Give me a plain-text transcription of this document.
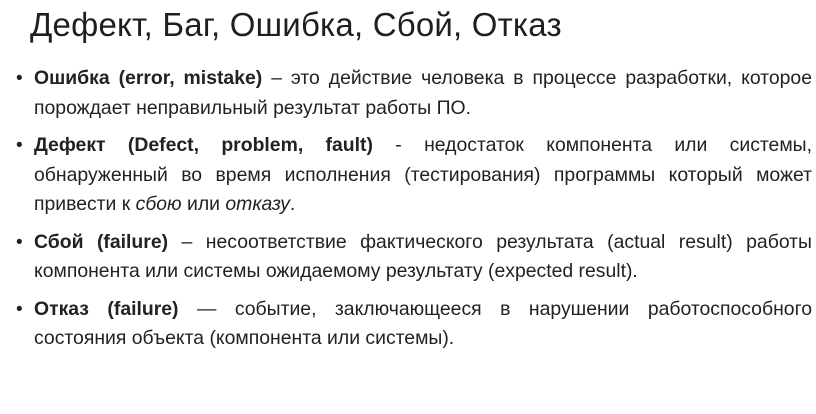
Дефект, Баг, Ошибка, Сбой, Отказ
• Ошибка (error, mistake) – это действие человека в процессе разработки, которое порождает неправильный результат работы ПО.
• Дефект (Defect, problem, fault) - недостаток компонента или системы, обнаруженный во время исполнения (тестирования) программы который может привести к сбою или отказу.
• Сбой (failure) – несоответствие фактического результата (actual result) работы компонента или системы ожидаемому результату (expected result).
• Отказ (failure) — событие, заключающееся в нарушении работоспособного состояния объекта (компонента или системы).
